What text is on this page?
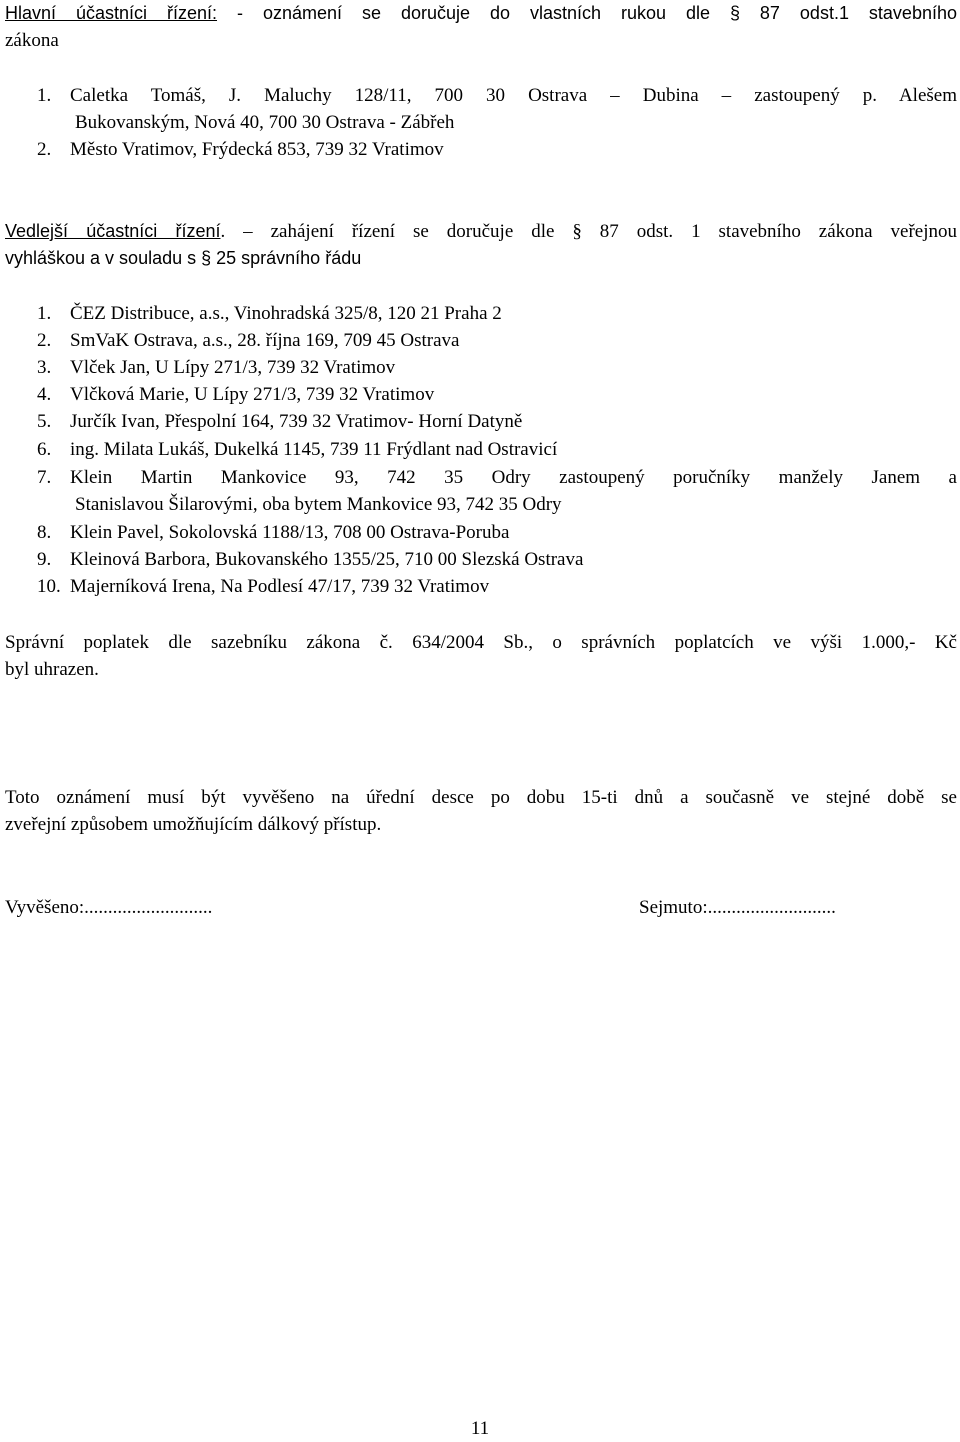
Hlavní účastníci řízení: - oznámení se doručuje do vlastních rukou dle § 87 odst.1 stavebního
zákona
1. Caletka Tomáš, J. Maluchy 128/11, 700 30 Ostrava – Dubina – zastoupený p. Alešem
Bukovanským, Nová 40, 700 30 Ostrava - Zábřeh
2. Město Vratimov, Frýdecká 853, 739 32 Vratimov
Vedlejší účastníci řízení. – zahájení řízení se doručuje dle § 87 odst. 1 stavebního zákona veřejnou
vyhláškou a v souladu s § 25 správního řádu
1. ČEZ Distribuce, a.s., Vinohradská 325/8, 120 21 Praha 2
2. SmVaK Ostrava, a.s., 28. října 169, 709 45 Ostrava
3. Vlček Jan, U Lípy 271/3, 739 32 Vratimov
4. Vlčková Marie, U Lípy 271/3, 739 32 Vratimov
5. Jurčík Ivan, Přespolní 164, 739 32 Vratimov- Horní Datyně
6. ing. Milata Lukáš, Dukelká 1145, 739 11 Frýdlant nad Ostravicí
7. Klein Martin Mankovice 93, 742 35 Odry zastoupený poručníky manžely Janem a
Stanislavou Šilarovými, oba bytem Mankovice 93, 742 35 Odry
8. Klein Pavel, Sokolovská 1188/13, 708 00 Ostrava-Poruba
9. Kleinová Barbora, Bukovanského 1355/25, 710 00 Slezská Ostrava
10. Majerníková Irena, Na Podlesí 47/17, 739 32 Vratimov
Správní poplatek dle sazebníku zákona č. 634/2004 Sb., o správních poplatcích ve výši 1.000,- Kč
byl uhrazen.
Toto oznámení musí být vyvěšeno na úřední desce po dobu 15-ti dnů a současně ve stejné době se
zveřejní způsobem umožňujícím dálkový přístup.
Vyvěšeno:...........................	Sejmuto:...........................
11
